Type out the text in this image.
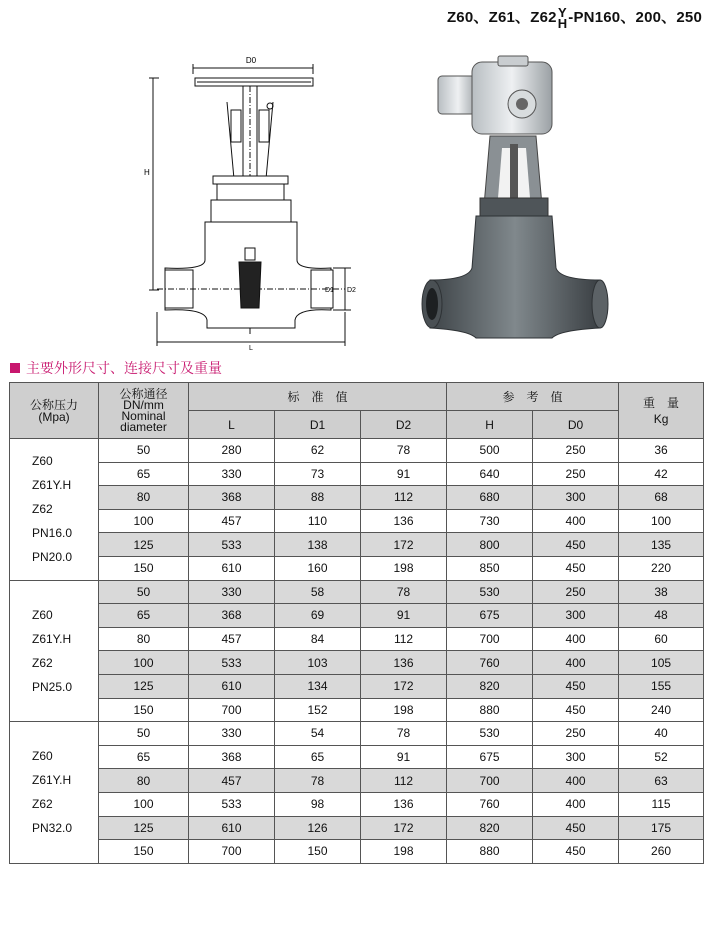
Z60、Z61、Z62 Y
H -PN160、200、250
D0
H
D1 D2
L
主要外形尺寸、连接尺寸及重量
公称压力
(Mpa)	公称通径
DN/mm
Nominal
diameter	标　准　值			参　考　值		重　量
Kg
		L	D1	D2	H	D0	

Z60
Z61Y.H
Z62
PN16.0
PN20.0	50	280	62	78	500	250	36
	65	330	73	91	640	250	42
	80	368	88	112	680	300	68
	100	457	110	136	730	400	100
	125	533	138	172	800	450	135
	150	610	160	198	850	450	220

Z60
Z61Y.H
Z62
PN25.0	50	330	58	78	530	250	38
	65	368	69	91	675	300	48
	80	457	84	112	700	400	60
	100	533	103	136	760	400	105
	125	610	134	172	820	450	155
	150	700	152	198	880	450	240

Z60
Z61Y.H
Z62
PN32.0	50	330	54	78	530	250	40
	65	368	65	91	675	300	52
	80	457	78	112	700	400	63
	100	533	98	136	760	400	115
	125	610	126	172	820	450	175
	150	700	150	198	880	450	260
